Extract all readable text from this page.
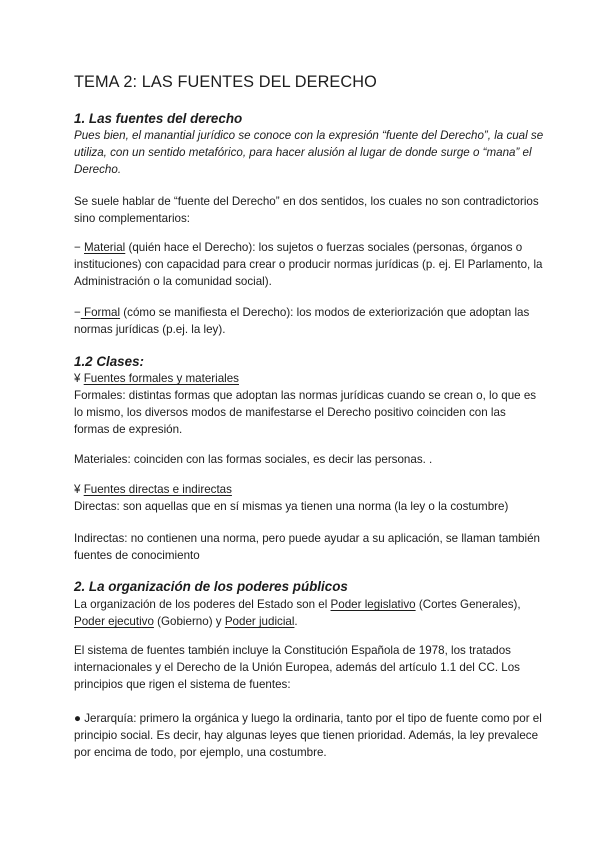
TEMA 2: LAS FUENTES DEL DERECHO
1. Las fuentes del derecho
Pues bien, el manantial jurídico se conoce con la expresión “fuente del Derecho”, la cual se utiliza, con un sentido metafórico, para hacer alusión al lugar de donde surge o “mana” el Derecho.
Se suele hablar de “fuente del Derecho” en dos sentidos, los cuales no son contradictorios sino complementarios:
− Material (quién hace el Derecho): los sujetos o fuerzas sociales (personas, órganos o instituciones) con capacidad para crear o producir normas jurídicas (p. ej. El Parlamento, la Administración o la comunidad social).
− Formal (cómo se manifiesta el Derecho): los modos de exteriorización que adoptan las normas jurídicas (p.ej. la ley).
1.2 Clases:
¥ Fuentes formales y materiales
Formales: distintas formas que adoptan las normas jurídicas cuando se crean o, lo que es lo mismo, los diversos modos de manifestarse el Derecho positivo coinciden con las formas de expresión.
Materiales: coinciden con las formas sociales, es decir las personas. .
¥ Fuentes directas e indirectas
Directas: son aquellas que en sí mismas ya tienen una norma (la ley o la costumbre)
Indirectas: no contienen una norma, pero puede ayudar a su aplicación, se llaman también fuentes de conocimiento
2. La organización de los poderes públicos
La organización de los poderes del Estado son el Poder legislativo (Cortes Generales), Poder ejecutivo (Gobierno) y Poder judicial.
El sistema de fuentes también incluye la Constitución Española de 1978, los tratados internacionales y el Derecho de la Unión Europea, además del artículo 1.1 del CC. Los principios que rigen el sistema de fuentes:
● Jerarquía: primero la orgánica y luego la ordinaria, tanto por el tipo de fuente como por el principio social. Es decir, hay algunas leyes que tienen prioridad. Además, la ley prevalece por encima de todo, por ejemplo, una costumbre.
